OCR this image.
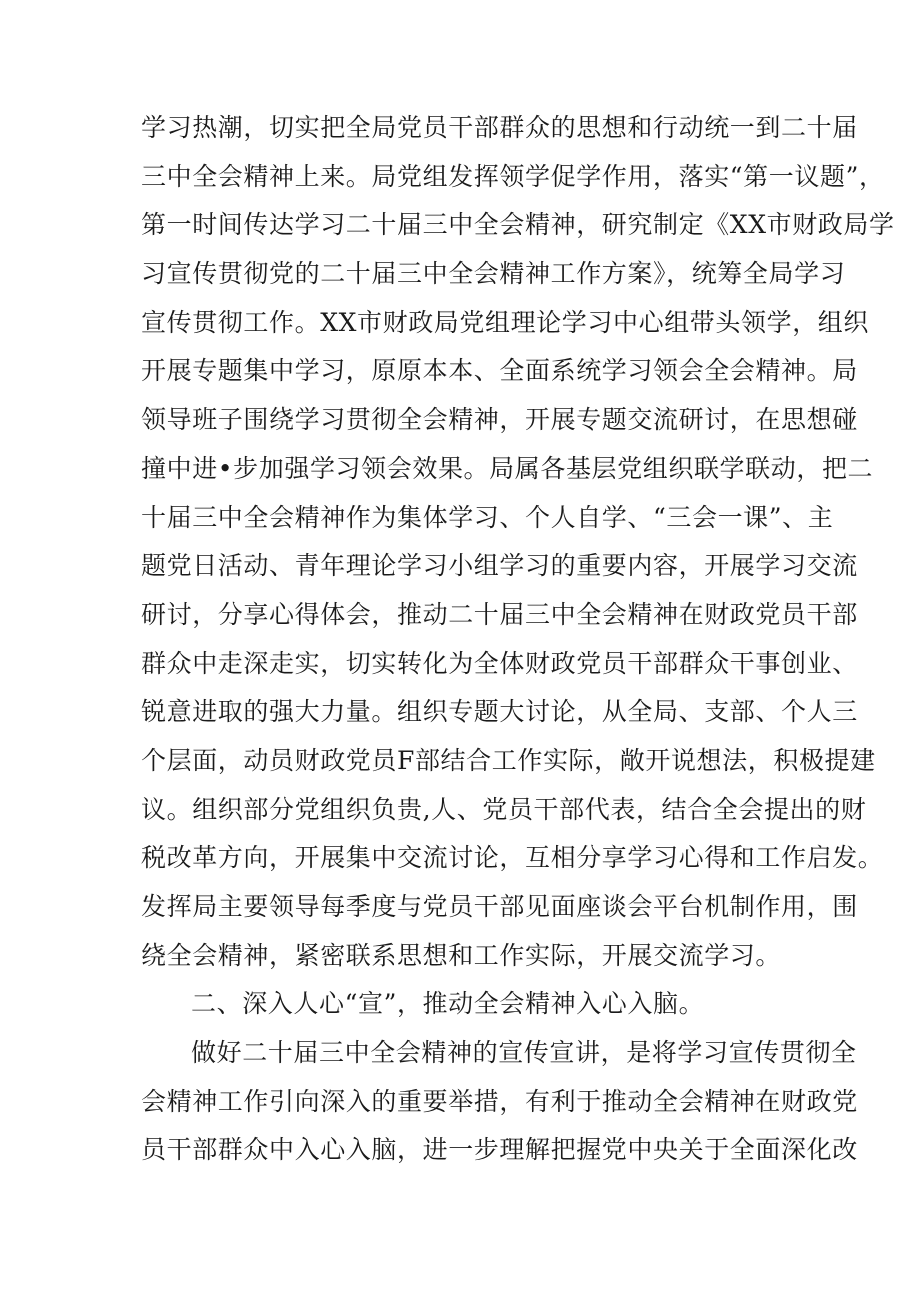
学习热潮，切实把全局党员干部群众的思想和行动统一到二十届
三中全会精神上来。局党组发挥领学促学作用，落实“第一议题”，
第一时间传达学习二十届三中全会精神，研究制定《XX市财政局学
习宣传贯彻党的二十届三中全会精神工作方案》，统筹全局学习
宣传贯彻工作。XX市财政局党组理论学习中心组带头领学，组织
开展专题集中学习，原原本本、全面系统学习领会全会精神。局
领导班子围绕学习贯彻全会精神，开展专题交流研讨，在思想碰
撞中进•步加强学习领会效果。局属各基层党组织联学联动，把二
十届三中全会精神作为集体学习、个人自学、“三会一课”、主
题党日活动、青年理论学习小组学习的重要内容，开展学习交流
研讨，分享心得体会，推动二十届三中全会精神在财政党员干部
群众中走深走实，切实转化为全体财政党员干部群众干事创业、
锐意进取的强大力量。组织专题大讨论，从全局、支部、个人三
个层面，动员财政党员F部结合工作实际，敞开说想法，积极提建
议。组织部分党组织负贵,人、党员干部代表，结合全会提出的财
税改革方向，开展集中交流讨论，互相分享学习心得和工作启发。
发挥局主要领导每季度与党员干部见面座谈会平台机制作用，围
绕全会精神，紧密联系思想和工作实际，开展交流学习。
二、深入人心“宣”，推动全会精神入心入脑。
做好二十届三中全会精神的宣传宣讲，是将学习宣传贯彻全
会精神工作引向深入的重要举措，有利于推动全会精神在财政党
员干部群众中入心入脑，进一步理解把握党中央关于全面深化改
